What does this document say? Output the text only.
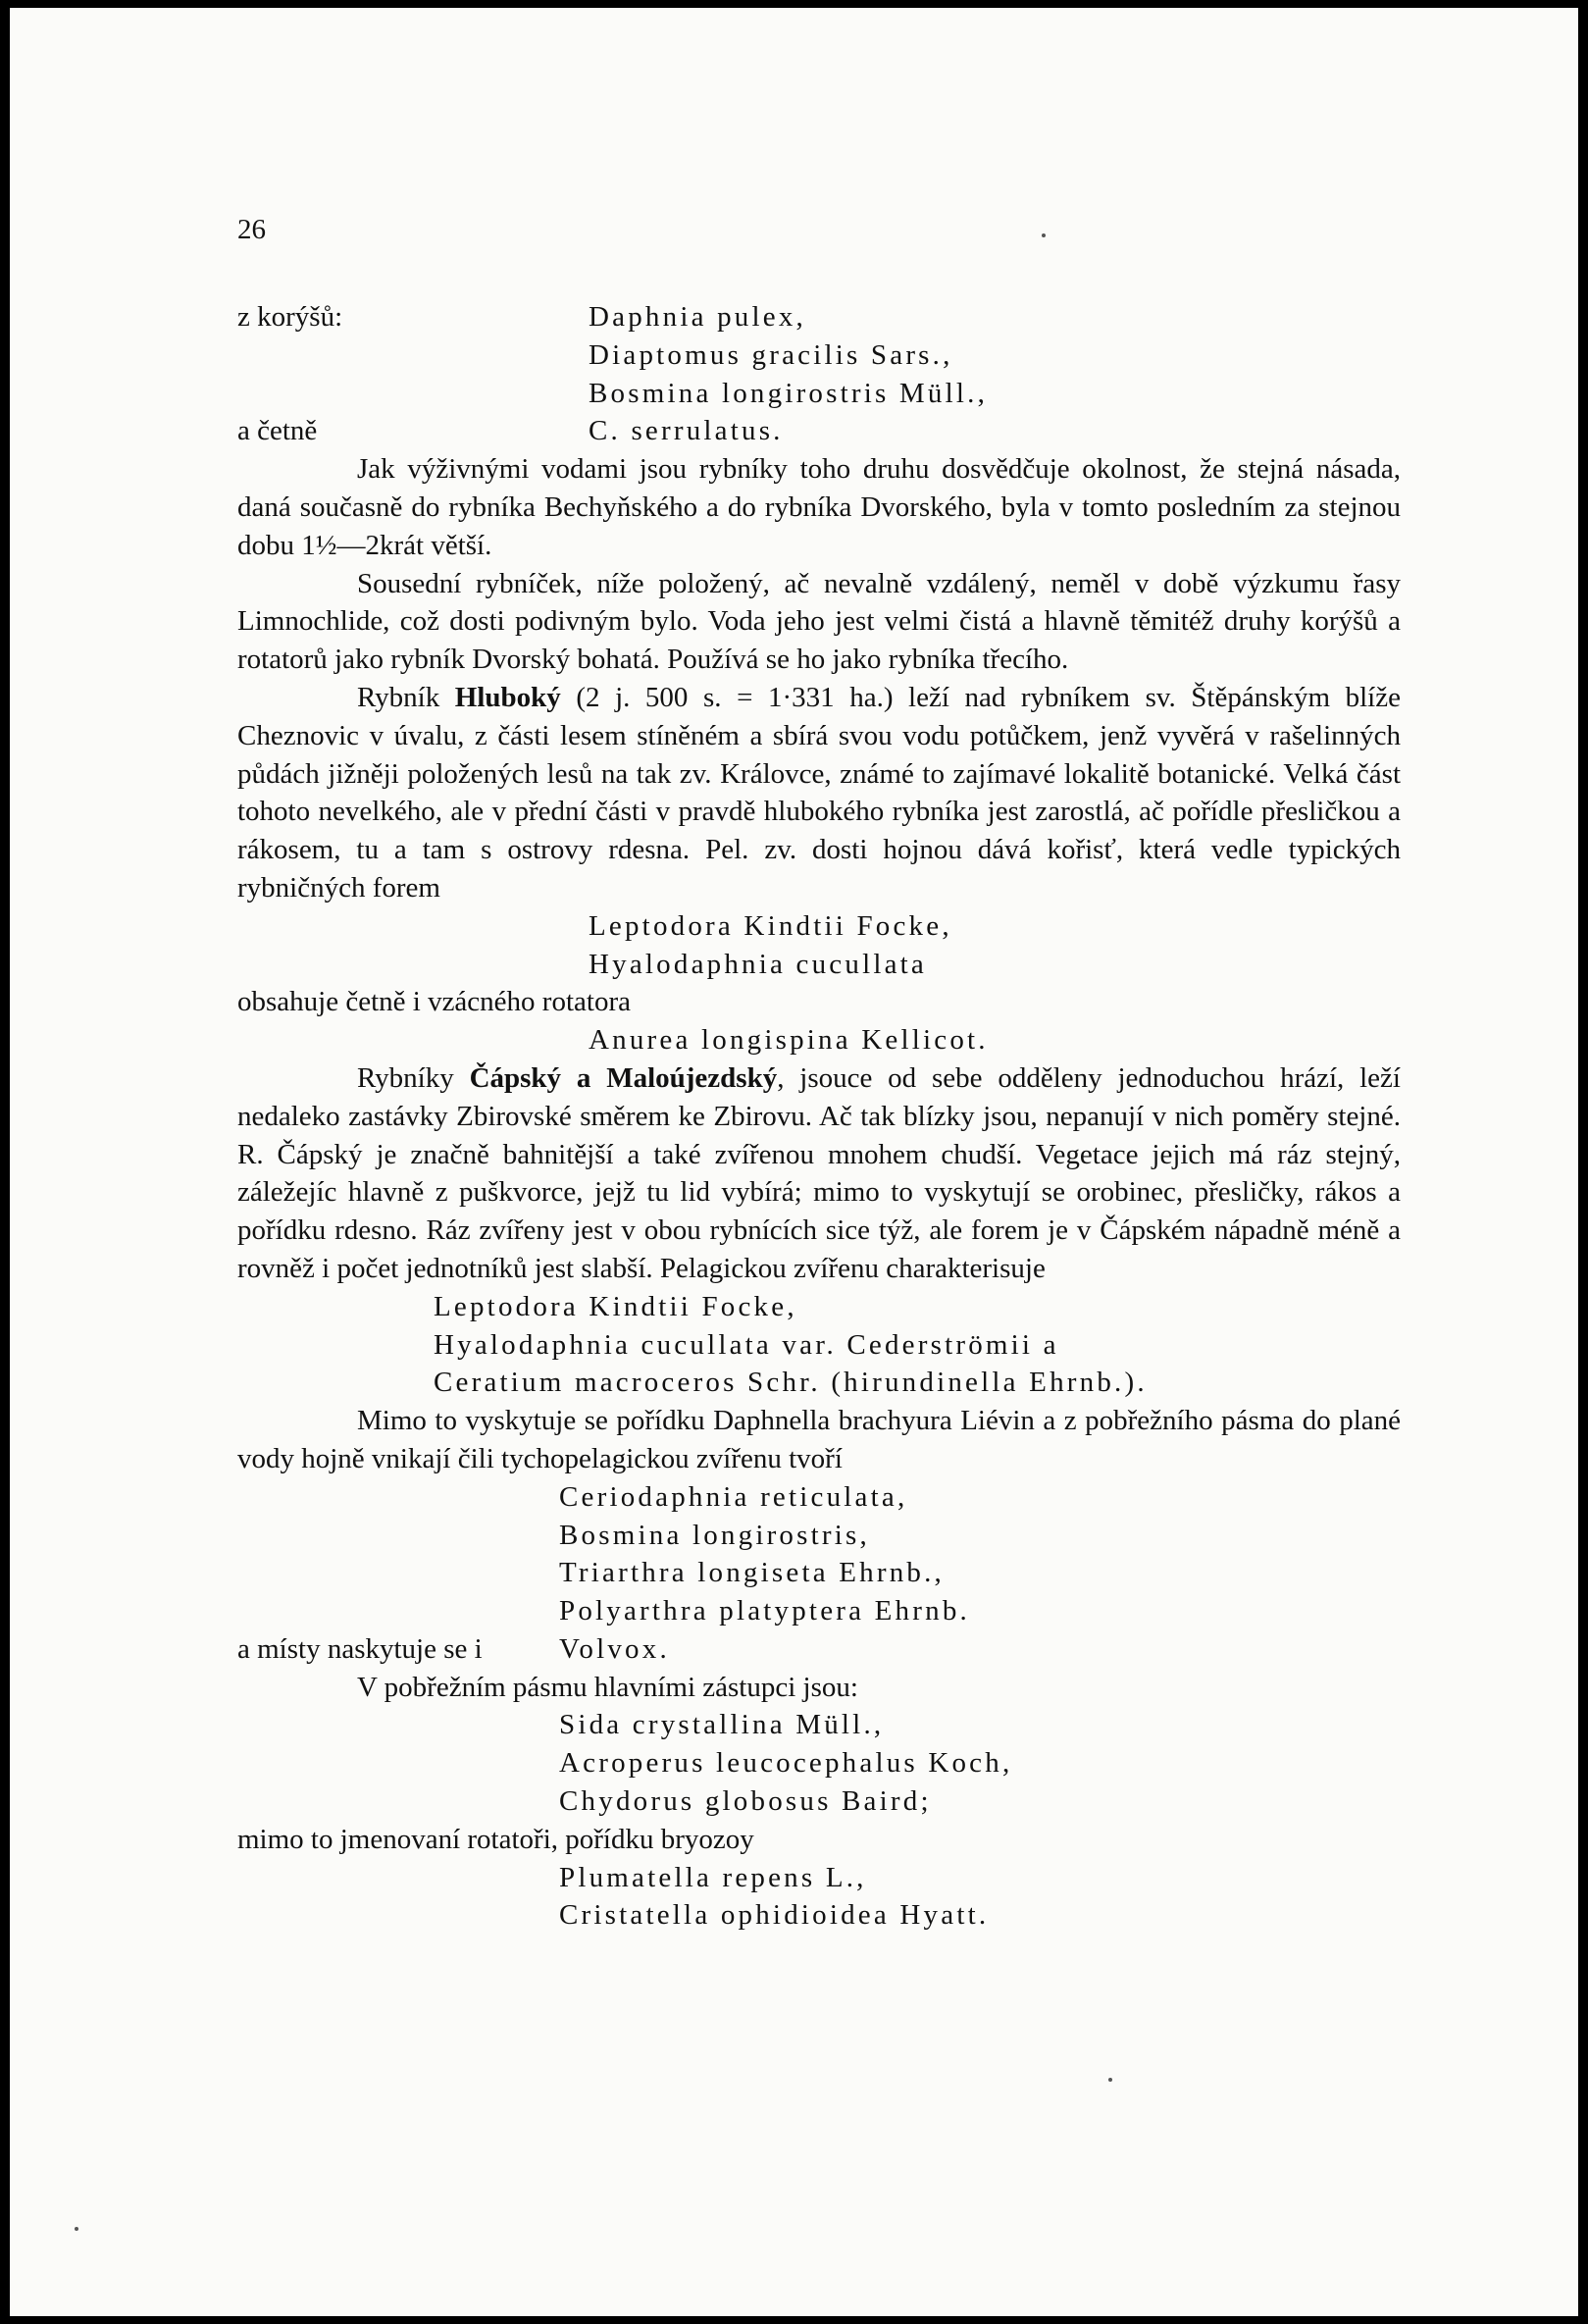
26
z korýšů:	Daphnia pulex,
Diaptomus gracilis Sars.,
Bosmina longirostris Müll.,
a četně	C. serrulatus.
Jak výživnými vodami jsou rybníky toho druhu dosvědčuje okolnost, že stejná násada, daná současně do rybníka Bechyňského a do rybníka Dvorského, byla v tomto posledním za stejnou dobu 1½—2krát větší.
Sousední rybníček, níže položený, ač nevalně vzdálený, neměl v době výzkumu řasy Limnochlide, což dosti podivným bylo. Voda jeho jest velmi čistá a hlavně těmitéž druhy korýšů a rotatorů jako rybník Dvorský bohatá. Používá se ho jako rybníka třecího.
Rybník Hluboký (2 j. 500 s. = 1·331 ha.) leží nad rybníkem sv. Štěpánským blíže Cheznovic v úvalu, z části lesem stíněném a sbírá svou vodu potůčkem, jenž vyvěrá v rašelinných půdách jižněji položených lesů na tak zv. Královce, známé to zajímavé lokalitě botanické. Velká část tohoto nevelkého, ale v přední části v pravdě hlubokého rybníka jest zarostlá, ač pořídle přesličkou a rákosem, tu a tam s ostrovy rdesna. Pel. zv. dosti hojnou dává kořisť, která vedle typických rybničných forem
Leptodora Kindtii Focke,
Hyalodaphnia cucullata
obsahuje četně i vzácného rotatora
Anurea longispina Kellicot.
Rybníky Čápský a Maloújezdský, jsouce od sebe odděleny jednoduchou hrází, leží nedaleko zastávky Zbirovské směrem ke Zbirovu. Ač tak blízky jsou, nepanují v nich poměry stejné. R. Čápský je značně bahnitější a také zvířenou mnohem chudší. Vegetace jejich má ráz stejný, záležejíc hlavně z puškvorce, jejž tu lid vybírá; mimo to vyskytují se orobinec, přesličky, rákos a pořídku rdesno. Ráz zvířeny jest v obou rybnících sice týž, ale forem je v Čápském nápadně méně a rovněž i počet jednotníků jest slabší. Pelagickou zvířenu charakterisuje
Leptodora Kindtii Focke,
Hyalodaphnia cucullata var. Cederströmii a
Ceratium macroceros Schr. (hirundinella Ehrnb.).
Mimo to vyskytuje se pořídku Daphnella brachyura Liévin a z pobřežního pásma do plané vody hojně vnikají čili tychopelagickou zvířenu tvoří
Ceriodaphnia reticulata,
Bosmina longirostris,
Triarthra longiseta Ehrnb.,
Polyarthra platyptera Ehrnb.
a místy naskytuje se i	Volvox.
V pobřežním pásmu hlavními zástupci jsou:
Sida crystallina Müll.,
Acroperus leucocephalus Koch,
Chydorus globosus Baird;
mimo to jmenovaní rotatoři, pořídku bryozoy
Plumatella repens L.,
Cristatella ophidioidea Hyatt.
